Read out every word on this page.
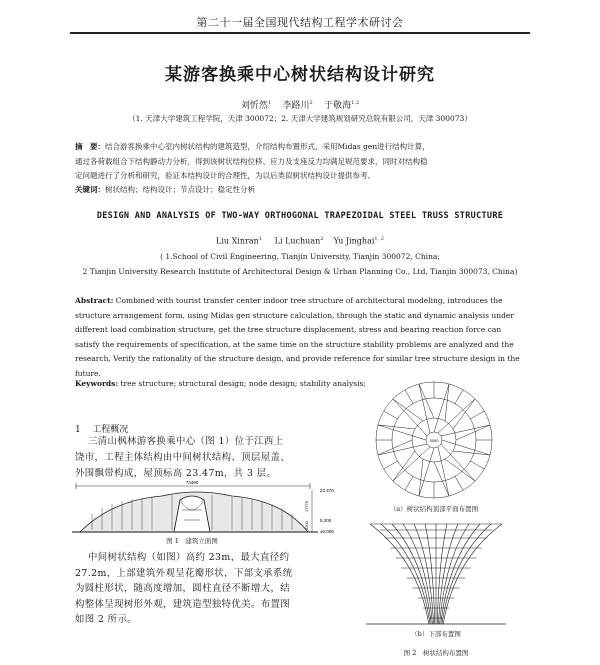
第二十一届全国现代结构工程学术研讨会
某游客换乘中心树状结构设计研究
刘忻然$^1$ 李路川$^2$ 于敬海$^{1,2}$
（1. 天津大学建筑工程学院，天津 300072；2. 天津大学建筑规划研究总院有限公司，天津 300073）
摘　要：结合游客换乘中心室内树状结构的建筑造型，介绍结构布置形式，采用Midas gen进行结构计算，
通过各荷载组合下结构静动力分析，得到该树状结构位移、应力及支座反力均满足规范要求，同时对结构稳
定问题进行了分析和研究，验证本结构设计的合理性，为以后类似树状结构设计提供参考。
关键词：树状结构；结构设计；节点设计；稳定性分析
DESIGN AND ANALYSIS OF TWO-WAY ORTHOGONAL TRAPEZOIDAL STEEL TRUSS STRUCTURE
Liu Xinran$^1$ Li Luchuan$^2$ Yu Jinghai$^{1, 2}$
( 1.School of Civil Engineering, Tianjin University, Tianjin 300072, China;
2 Tianjin University Research Institute of Architectural Design & Urban Planning Co., Ltd, Tianjin 300073, China)
Abstract: Combined with tourist transfer center indoor tree structure of architectural modeling, introduces the
structure arrangement form, using Midas gen structure calculation, through the static and dynamic analysis under
different load combination structure, get the tree structure displacement, stress and bearing reaction force can
satisfy the requirements of specification, at the same time on the structure stability problems are analyzed and the
research, Verify the rationality of the structure design, and provide reference for similar tree structure design in the
future.
Keywords: tree structure; structural design; node design; stability analysis;
1 工程概况
三清山枫林游客换乘中心（图 1）位于江西上
饶市，工程主体结构由中间树状结构、顶层屋盖、
外围飘带构成，屋顶标高 23.47m，共 3 层。
73460
23.470
5.200
±0.000
17770
5200
图 1　建筑立面图
中间树状结构（如图）高约 23m，最大直径约
27.2m，上部建筑外观呈花瓣形状，下部支承系统
为圆柱形状，随高度增加，圆柱直径不断增大，结
构整体呈现树形外观，建筑造型独特优美。布置图
如图 2 所示。
3000
（a）树状结构顶部平面布置图
（b）下部布置图
图 2　树状结构布置图
